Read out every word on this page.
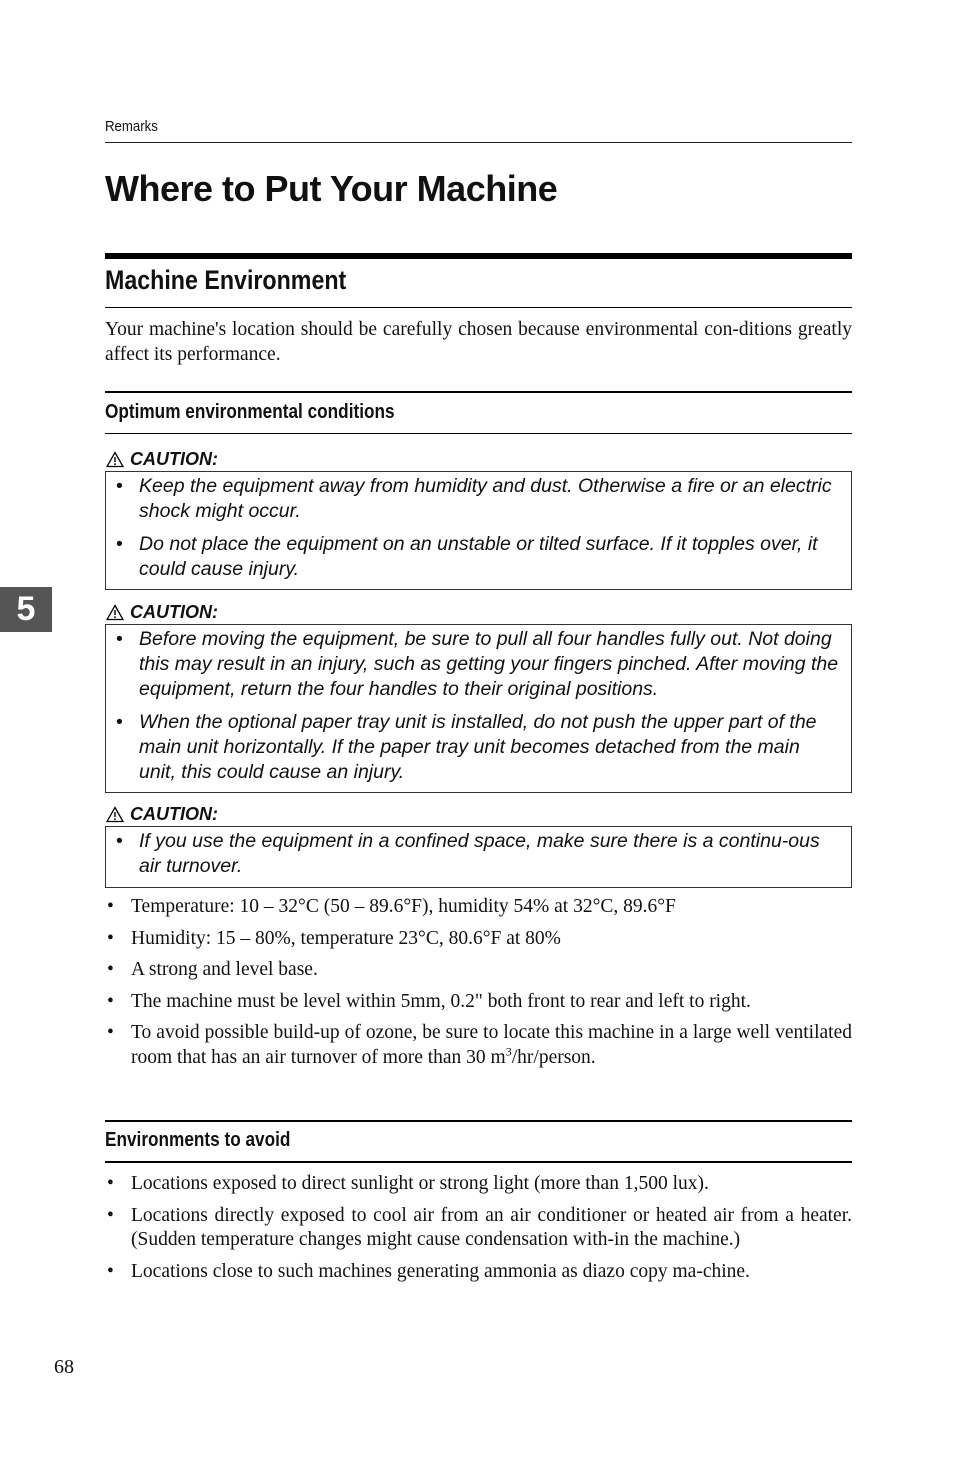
Remarks
Where to Put Your Machine
Machine Environment

Your machine's location should be carefully chosen because environmental con-ditions greatly affect its performance.

Optimum environmental conditions
CAUTION:
• Keep the equipment away from humidity and dust. Otherwise a fire or an electric shock might occur.
• Do not place the equipment on an unstable or tilted surface. If it topples over, it could cause injury.
CAUTION:
• Before moving the equipment, be sure to pull all four handles fully out. Not doing this may result in an injury, such as getting your fingers pinched. After moving the equipment, return the four handles to their original positions.
• When the optional paper tray unit is installed, do not push the upper part of the main unit horizontally. If the paper tray unit becomes detached from the main unit, this could cause an injury.
CAUTION:
• If you use the equipment in a confined space, make sure there is a continu-ous air turnover.
• Temperature: 10 – 32°C (50 – 89.6°F), humidity 54% at 32°C, 89.6°F
• Humidity: 15 – 80%, temperature 23°C, 80.6°F at 80%
• A strong and level base.
• The machine must be level within 5mm, 0.2" both front to rear and left to right.
• To avoid possible build-up of ozone, be sure to locate this machine in a large well ventilated room that has an air turnover of more than 30 $m^3/hr$/person.
Environments to avoid
• Locations exposed to direct sunlight or strong light (more than 1,500 lux).
• Locations directly exposed to cool air from an air conditioner or heated air from a heater. (Sudden temperature changes might cause condensation with-in the machine.)
• Locations close to such machines generating ammonia as diazo copy ma-chine.
5
68
